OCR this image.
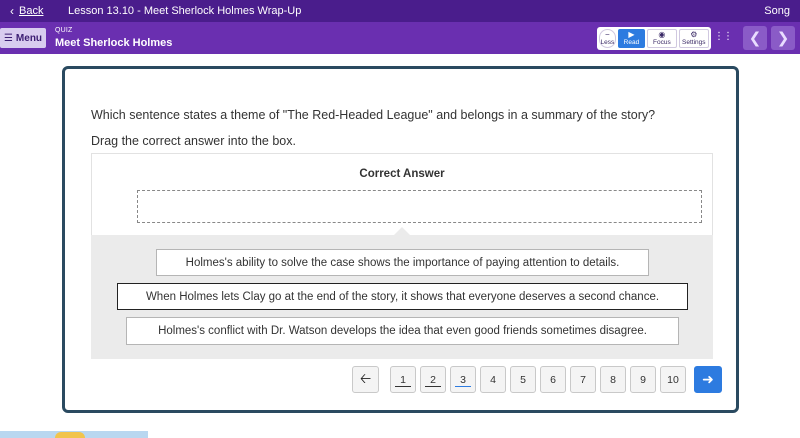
‹ Back Lesson 13.10 - Meet Sherlock Holmes Wrap-Up	Song
☰ Menu
QUIZ
Meet Sherlock Holmes
−
Less
▶
Read
◉
Focus
⚙
Settings
⋮⋮ ❮ ❯
Which sentence states a theme of "The Red-Headed League" and belongs in a summary of the story?
Drag the correct answer into the box.
Correct Answer
Holmes's ability to solve the case shows the importance of paying attention to details.
When Holmes lets Clay go at the end of the story, it shows that everyone deserves a second chance.
Holmes's conflict with Dr. Watson develops the idea that even good friends sometimes disagree.
🡠	1 2 3 4 5 6 7 8 9 10 ➜
